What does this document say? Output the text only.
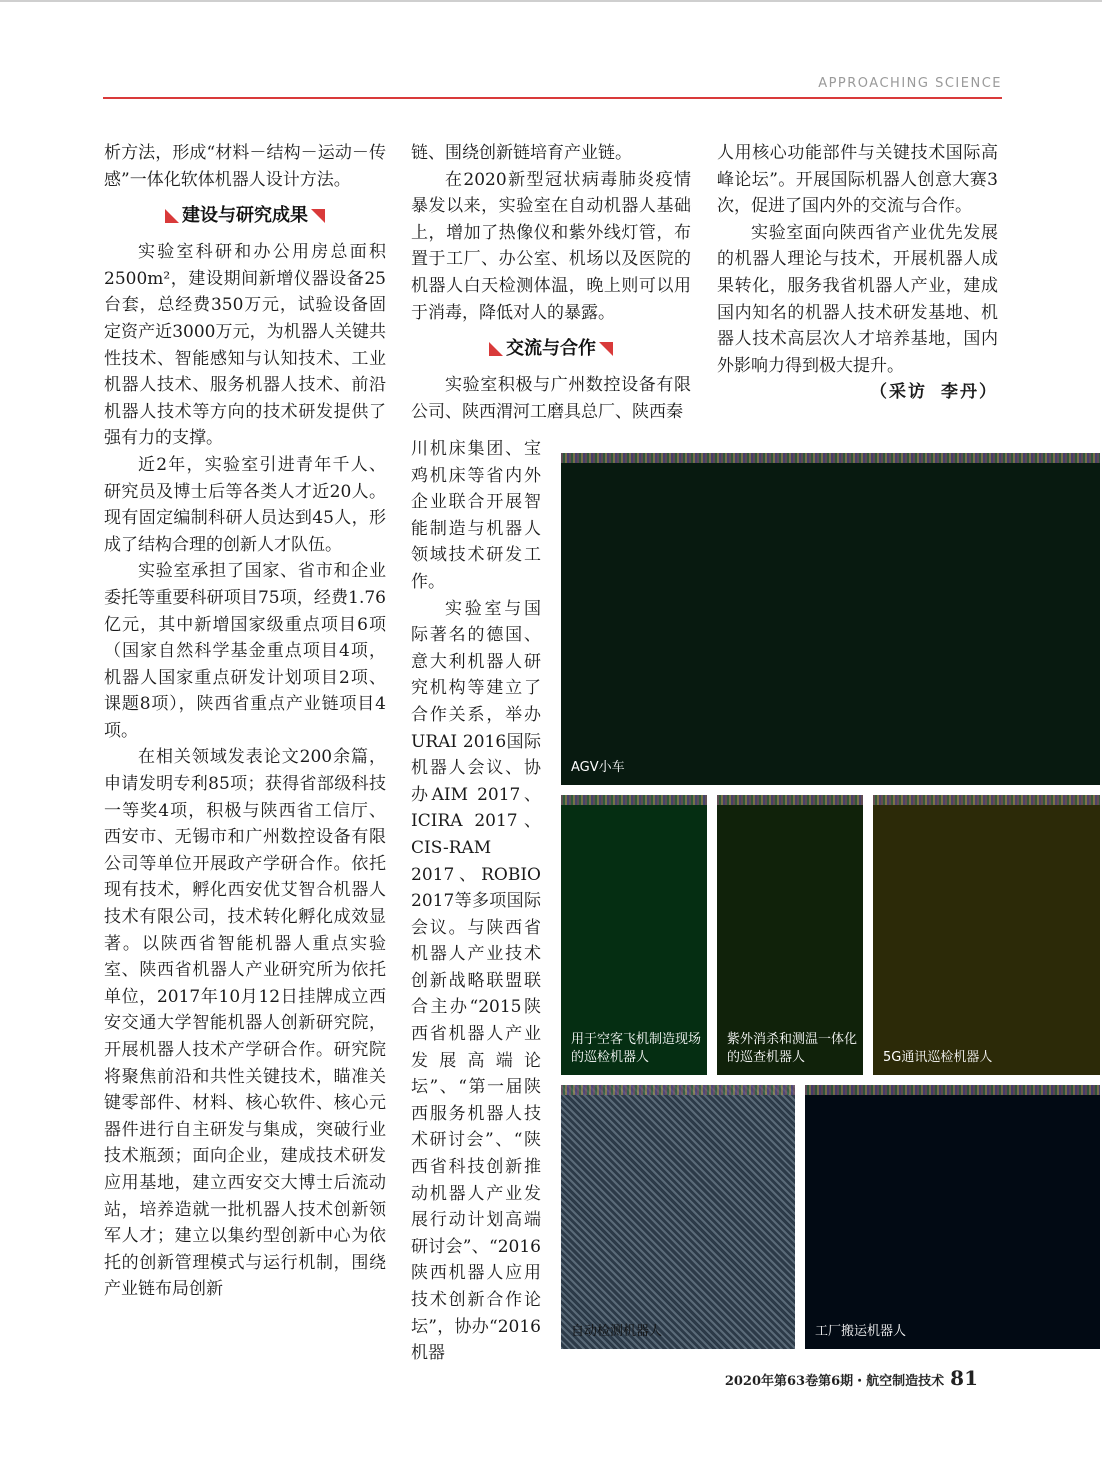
APPROACHING SCIENCE

析方法，形成“材料－结构－运动－传感”一体化软体机器人设计方法。

建设与研究成果

实验室科研和办公用房总面积2500m²，建设期间新增仪器设备25台套，总经费350万元，试验设备固定资产近3000万元，为机器人关键共性技术、智能感知与认知技术、工业机器人技术、服务机器人技术、前沿机器人技术等方向的技术研发提供了强有力的支撑。

近2年，实验室引进青年千人、研究员及博士后等各类人才近20人。现有固定编制科研人员达到45人，形成了结构合理的创新人才队伍。

实验室承担了国家、省市和企业委托等重要科研项目75项，经费1.76亿元，其中新增国家级重点项目6项（国家自然科学基金重点项目4项，机器人国家重点研发计划项目2项、课题8项），陕西省重点产业链项目4项。

在相关领域发表论文200余篇，申请发明专利85项；获得省部级科技一等奖4项，积极与陕西省工信厅、西安市、无锡市和广州数控设备有限公司等单位开展政产学研合作。依托现有技术，孵化西安优艾智合机器人技术有限公司，技术转化孵化成效显著。以陕西省智能机器人重点实验室、陕西省机器人产业研究所为依托单位，2017年10月12日挂牌成立西安交通大学智能机器人创新研究院，开展机器人技术产学研合作。研究院将聚焦前沿和共性关键技术，瞄准关键零部件、材料、核心软件、核心元器件进行自主研发与集成，突破行业技术瓶颈；面向企业，建成技术研发应用基地，建立西安交大博士后流动站，培养造就一批机器人技术创新领军人才；建立以集约型创新中心为依托的创新管理模式与运行机制，围绕产业链布局创新

链、围绕创新链培育产业链。

在2020新型冠状病毒肺炎疫情暴发以来，实验室在自动机器人基础上，增加了热像仪和紫外线灯管，布置于工厂、办公室、机场以及医院的机器人白天检测体温，晚上则可以用于消毒，降低对人的暴露。

交流与合作

实验室积极与广州数控设备有限公司、陕西渭河工磨具总厂、陕西秦

川机床集团、宝鸡机床等省内外企业联合开展智能制造与机器人领域技术研发工作。

实验室与国际著名的德国、意大利机器人研究机构等建立了合作关系，举办URAI 2016国际机器人会议、协办AIM 2017、ICIRA 2017、CIS-RAM 2017、ROBIO 2017等多项国际会议。与陕西省机器人产业技术创新战略联盟联合主办“2015陕西省机器人产业发展高端论坛”、“第一届陕西服务机器人技术研讨会”、“陕西省科技创新推动机器人产业发展行动计划高端研讨会”、“2016陕西机器人应用技术创新合作论坛”，协办“2016机器

人用核心功能部件与关键技术国际高峰论坛”。开展国际机器人创意大赛3次，促进了国内外的交流与合作。

实验室面向陕西省产业优先发展的机器人理论与技术，开展机器人成果转化，服务我省机器人产业，建成国内知名的机器人技术研发基地、机器人技术高层次人才培养基地，国内外影响力得到极大提升。

（采访 李丹）

AGV小车
用于空客飞机制造现场的巡检机器人
紫外消杀和测温一体化的巡查机器人	5G通讯巡检机器人
自动检测机器人	工厂搬运机器人
2020年第63卷第6期・航空制造技术 81
